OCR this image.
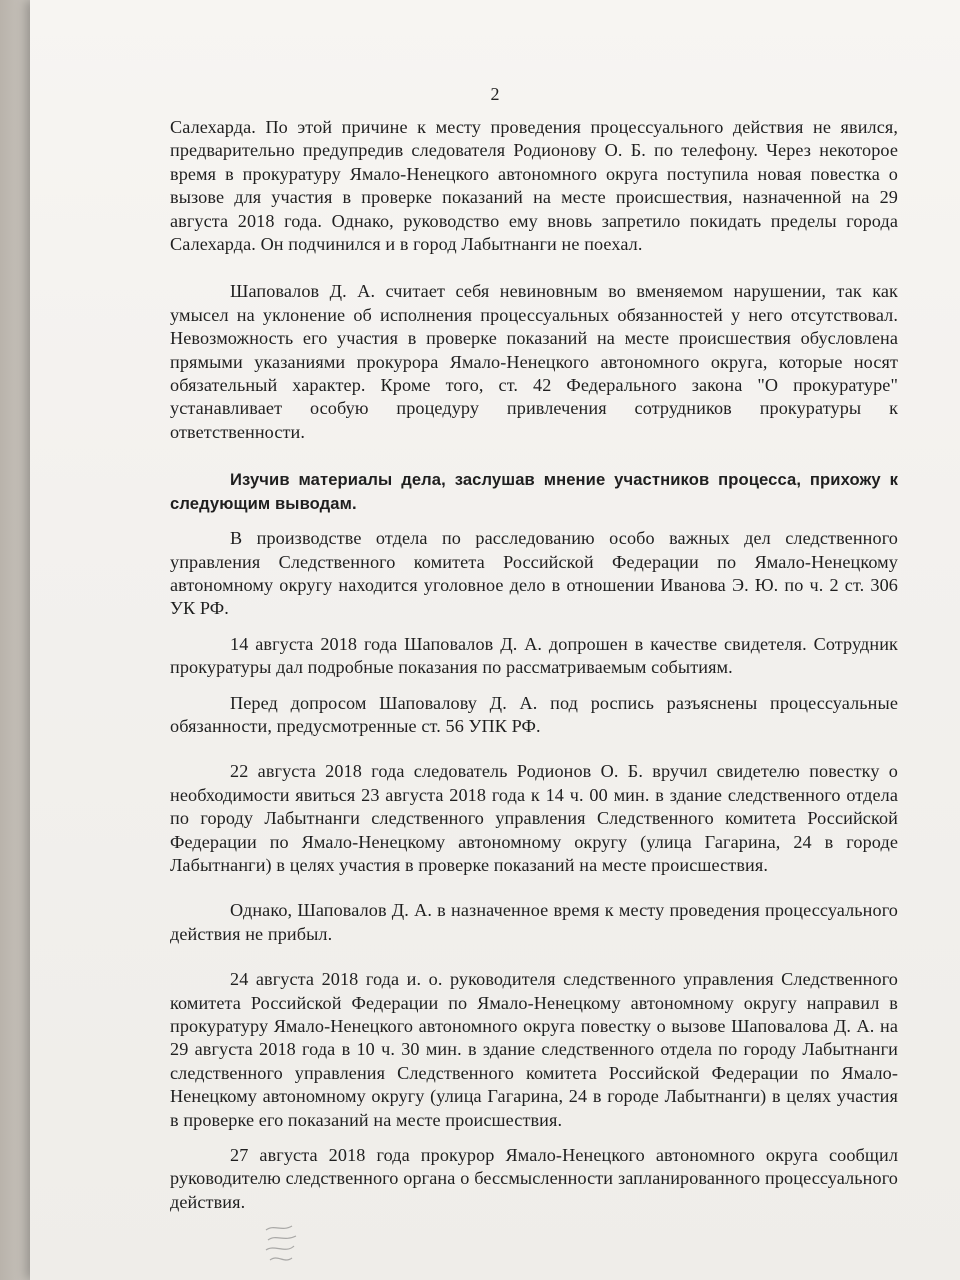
2

Салехарда. По этой причине к месту проведения процессуального действия не явился, предварительно предупредив следователя Родионову О. Б. по телефону. Через некоторое время в прокуратуру Ямало-Ненецкого автономного округа поступила новая повестка о вызове для участия в проверке показаний на месте происшествия, назначенной на 29 августа 2018 года. Однако, руководство ему вновь запретило покидать пределы города Салехарда. Он подчинился и в город Лабытнанги не поехал.

Шаповалов Д. А. считает себя невиновным во вменяемом нарушении, так как умысел на уклонение об исполнения процессуальных обязанностей у него отсутствовал. Невозможность его участия в проверке показаний на месте происшествия обусловлена прямыми указаниями прокурора Ямало-Ненецкого автономного округа, которые носят обязательный характер. Кроме того, ст. 42 Федерального закона "О прокуратуре" устанавливает особую процедуру привлечения сотрудников прокуратуры к ответственности.

Изучив материалы дела, заслушав мнение участников процесса, прихожу к следующим выводам.

В производстве отдела по расследованию особо важных дел следственного управления Следственного комитета Российской Федерации по Ямало-Ненецкому автономному округу находится уголовное дело в отношении Иванова Э. Ю. по ч. 2 ст. 306 УК РФ.

14 августа 2018 года Шаповалов Д. А. допрошен в качестве свидетеля. Сотрудник прокуратуры дал подробные показания по рассматриваемым событиям.

Перед допросом Шаповалову Д. А. под роспись разъяснены процессуальные обязанности, предусмотренные ст. 56 УПК РФ.

22 августа 2018 года следователь Родионов О. Б. вручил свидетелю повестку о необходимости явиться 23 августа 2018 года к 14 ч. 00 мин. в здание следственного отдела по городу Лабытнанги следственного управления Следственного комитета Российской Федерации по Ямало-Ненецкому автономному округу (улица Гагарина, 24 в городе Лабытнанги) в целях участия в проверке показаний на месте происшествия.

Однако, Шаповалов Д. А. в назначенное время к месту проведения процессуального действия не прибыл.

24 августа 2018 года и. о. руководителя следственного управления Следственного комитета Российской Федерации по Ямало-Ненецкому автономному округу направил в прокуратуру Ямало-Ненецкого автономного округа повестку о вызове Шаповалова Д. А. на 29 августа 2018 года в 10 ч. 30 мин. в здание следственного отдела по городу Лабытнанги следственного управления Следственного комитета Российской Федерации по Ямало-Ненецкому автономному округу (улица Гагарина, 24 в городе Лабытнанги) в целях участия в проверке его показаний на месте происшествия.

27 августа 2018 года прокурор Ямало-Ненецкого автономного округа сообщил руководителю следственного органа о бессмысленности запланированного процессуального действия.
